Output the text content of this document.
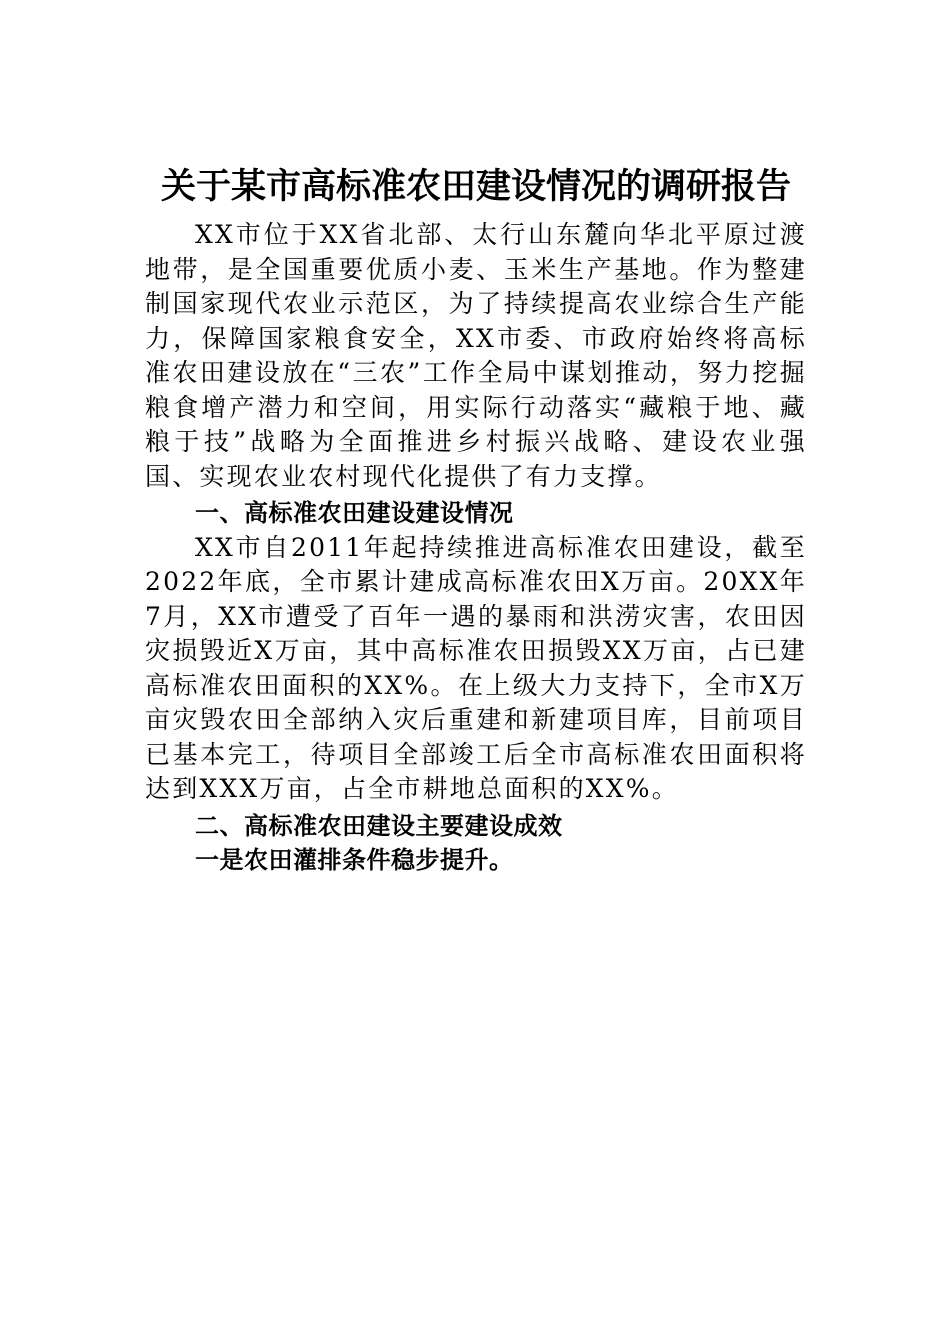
关于某市高标准农田建设情况的调研报告

XX市位于XX省北部、太行山东麓向华北平原过渡地带，是全国重要优质小麦、玉米生产基地。作为整建制国家现代农业示范区，为了持续提高农业综合生产能力，保障国家粮食安全，XX市委、市政府始终将高标准农田建设放在“三农”工作全局中谋划推动，努力挖掘粮食增产潜力和空间，用实际行动落实“藏粮于地、藏粮于技”战略为全面推进乡村振兴战略、建设农业强国、实现农业农村现代化提供了有力支撑。

一、高标准农田建设建设情况

XX市自2011年起持续推进高标准农田建设，截至2022年底，全市累计建成高标准农田X万亩。20XX年7月，XX市遭受了百年一遇的暴雨和洪涝灾害，农田因灾损毁近X万亩，其中高标准农田损毁XX万亩，占已建高标准农田面积的XX%。在上级大力支持下，全市X万亩灾毁农田全部纳入灾后重建和新建项目库，目前项目已基本完工，待项目全部竣工后全市高标准农田面积将达到XXX万亩，占全市耕地总面积的XX%。

二、高标准农田建设主要建设成效

一是农田灌排条件稳步提升。
